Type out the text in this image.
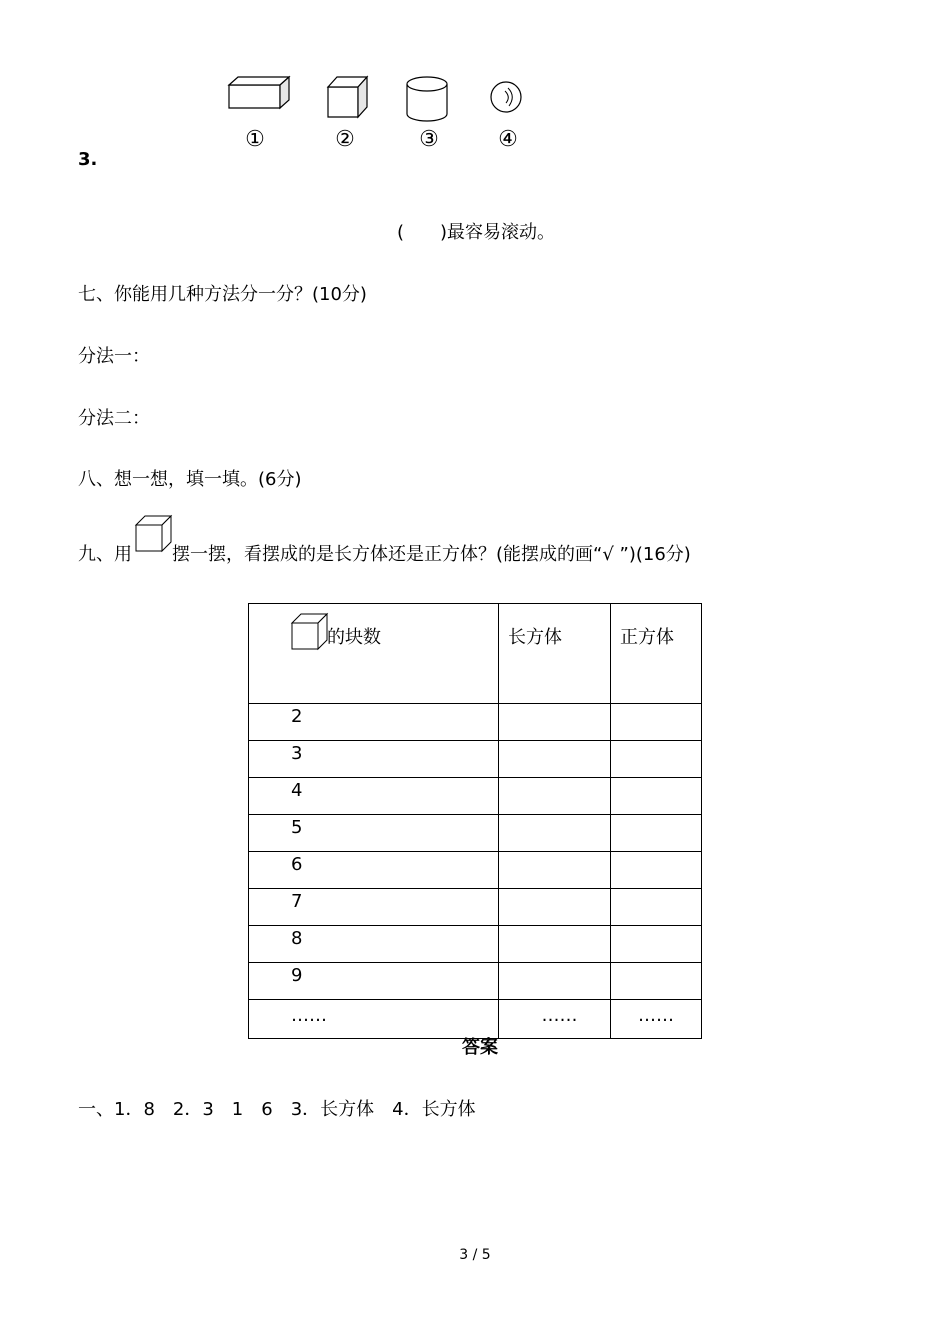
①	②	③	④
3.
(　　)最容易滚动。
七、你能用几种方法分一分？(10分)
分法一：
分法二：
八、想一想，填一填。(6分)
九、用 摆一摆，看摆成的是长方体还是正方体？(能摆成的画“√ ”)(16分)
的块数	长方体	正方体
2		
3		
4		
5		
6		
7		
8		
9		
……	……	……
答案
一、1．8　2．3　1　6　3．长方体　4．长方体
3 / 5
